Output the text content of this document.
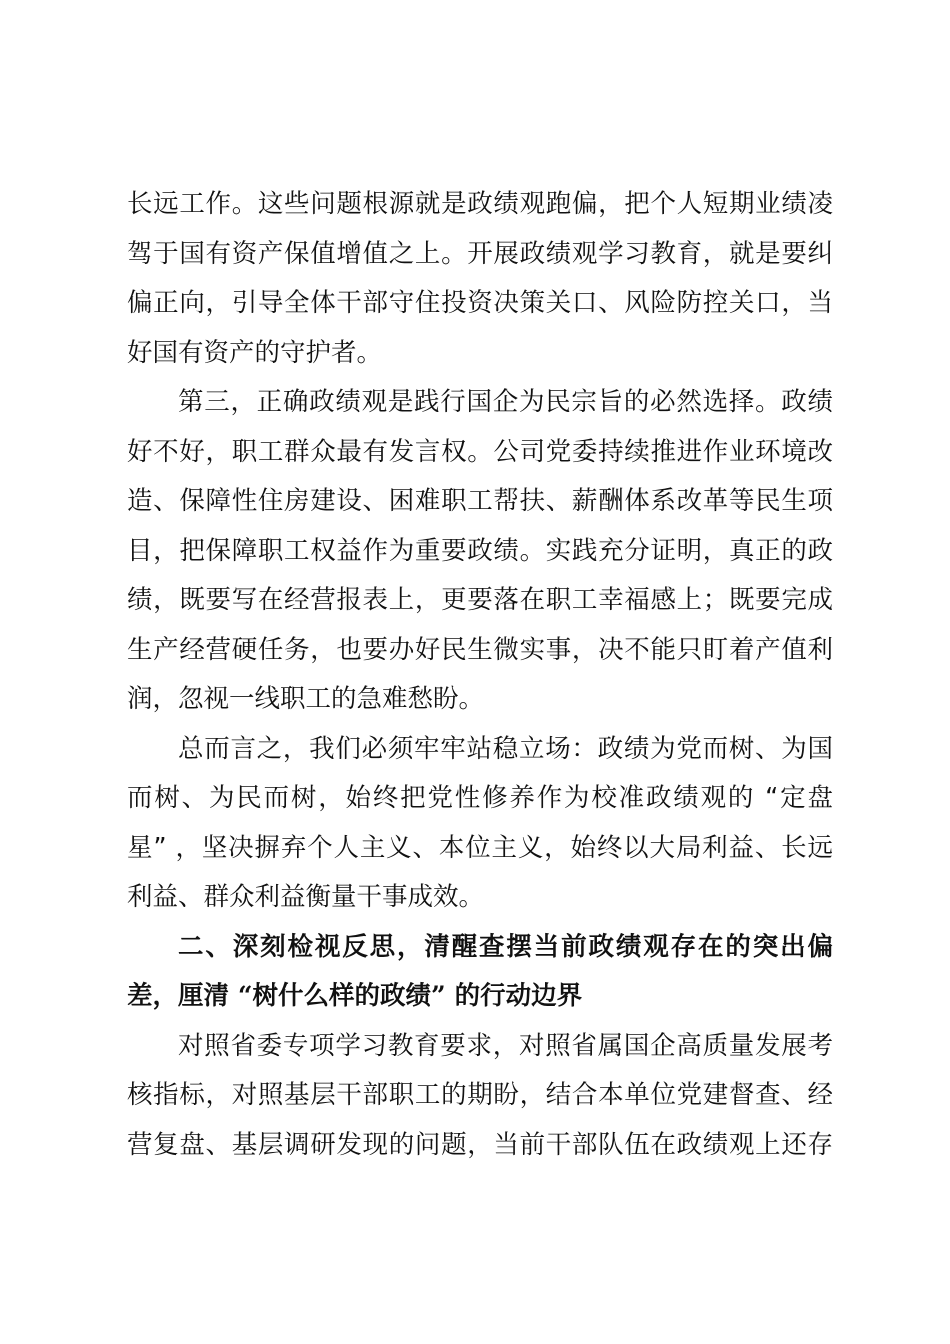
长远工作。这些问题根源就是政绩观跑偏，把个人短期业绩凌
驾于国有资产保值增值之上。开展政绩观学习教育，就是要纠
偏正向，引导全体干部守住投资决策关口、风险防控关口，当
好国有资产的守护者。
第三，正确政绩观是践行国企为民宗旨的必然选择。政绩
好不好，职工群众最有发言权。公司党委持续推进作业环境改
造、保障性住房建设、困难职工帮扶、薪酬体系改革等民生项
目，把保障职工权益作为重要政绩。实践充分证明，真正的政
绩，既要写在经营报表上，更要落在职工幸福感上；既要完成
生产经营硬任务，也要办好民生微实事，决不能只盯着产值利
润，忽视一线职工的急难愁盼。
总而言之，我们必须牢牢站稳立场：政绩为党而树、为国
而树、为民而树，始终把党性修养作为校准政绩观的 “定盘
星” ，坚决摒弃个人主义、本位主义，始终以大局利益、长远
利益、群众利益衡量干事成效。
二、深刻检视反思，清醒查摆当前政绩观存在的突出偏
差，厘清 “树什么样的政绩” 的行动边界
对照省委专项学习教育要求，对照省属国企高质量发展考
核指标，对照基层干部职工的期盼，结合本单位党建督查、经
营复盘、基层调研发现的问题，当前干部队伍在政绩观上还存
